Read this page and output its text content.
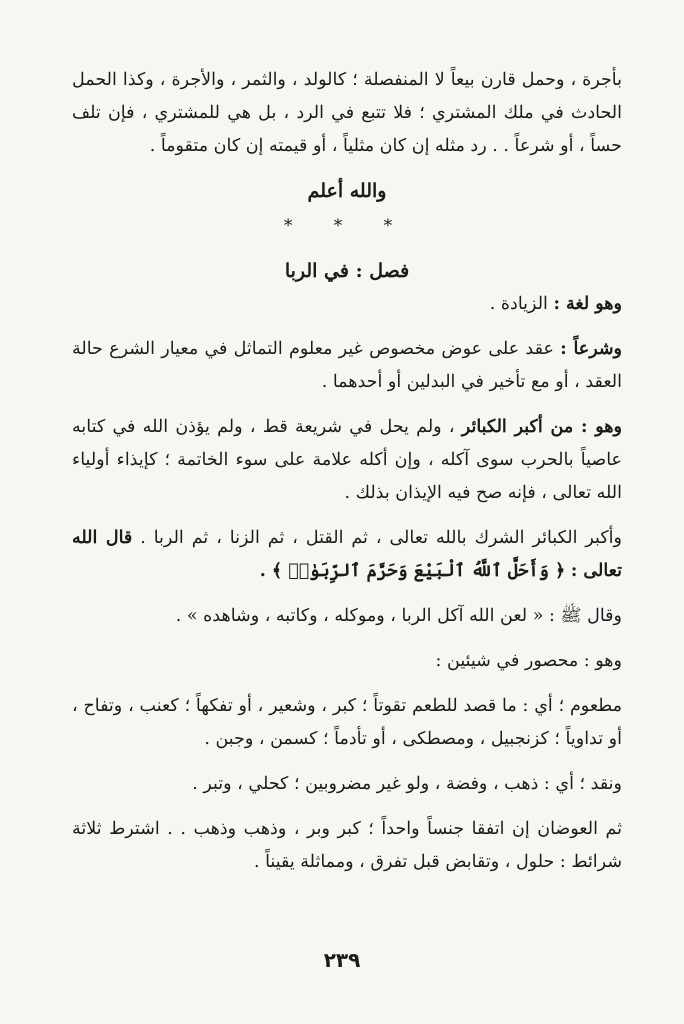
بأجرة ، وحمل قارن بيعاً لا المنفصلة ؛ كالولد ، والثمر ، والأجرة ، وكذا الحمل الحادث في ملك المشتري ؛ فلا تتبع في الرد ، بل هي للمشتري ، فإن تلف حساً ، أو شرعاً . . رد مثله إن كان مثلياً ، أو قيمته إن كان متقوماً .

والله أعلم

* * *

فصل : في الربا

وهو لغة : الزيادة .

وشرعاً : عقد على عوض مخصوص غير معلوم التماثل في معيار الشرع حالة العقد ، أو مع تأخير في البدلين أو أحدهما .

وهو : من أكبر الكبائر ، ولم يحل في شريعة قط ، ولم يؤذن الله في كتابه عاصياً بالحرب سوى آكله ، وإن أكله علامة على سوء الخاتمة ؛ كإيذاء أولياء الله تعالى ، فإنه صح فيه الإيذان بذلك .

وأكبر الكبائر الشرك بالله تعالى ، ثم القتل ، ثم الزنا ، ثم الربا . قال الله تعالى : ﴿ وَأَحَلَّ ٱللَّهُ ٱلْبَيْعَ وَحَرَّمَ ٱلرِّبَوٰا۟ ﴾ .

وقال ﷺ : « لعن الله آكل الربا ، وموكله ، وكاتبه ، وشاهده » .

وهو : محصور في شيئين :

مطعوم ؛ أي : ما قصد للطعم تقوتاً ؛ كبر ، وشعير ، أو تفكهاً ؛ كعنب ، وتفاح ، أو تداوياً ؛ كزنجبيل ، ومصطكى ، أو تأدماً ؛ كسمن ، وجبن .

ونقد ؛ أي : ذهب ، وفضة ، ولو غير مضروبين ؛ كحلي ، وتبر .

ثم العوضان إن اتفقا جنساً واحداً ؛ كبر وبر ، وذهب وذهب . . اشترط ثلاثة شرائط : حلول ، وتقابض قبل تفرق ، ومماثلة يقيناً .

٢٣٩
